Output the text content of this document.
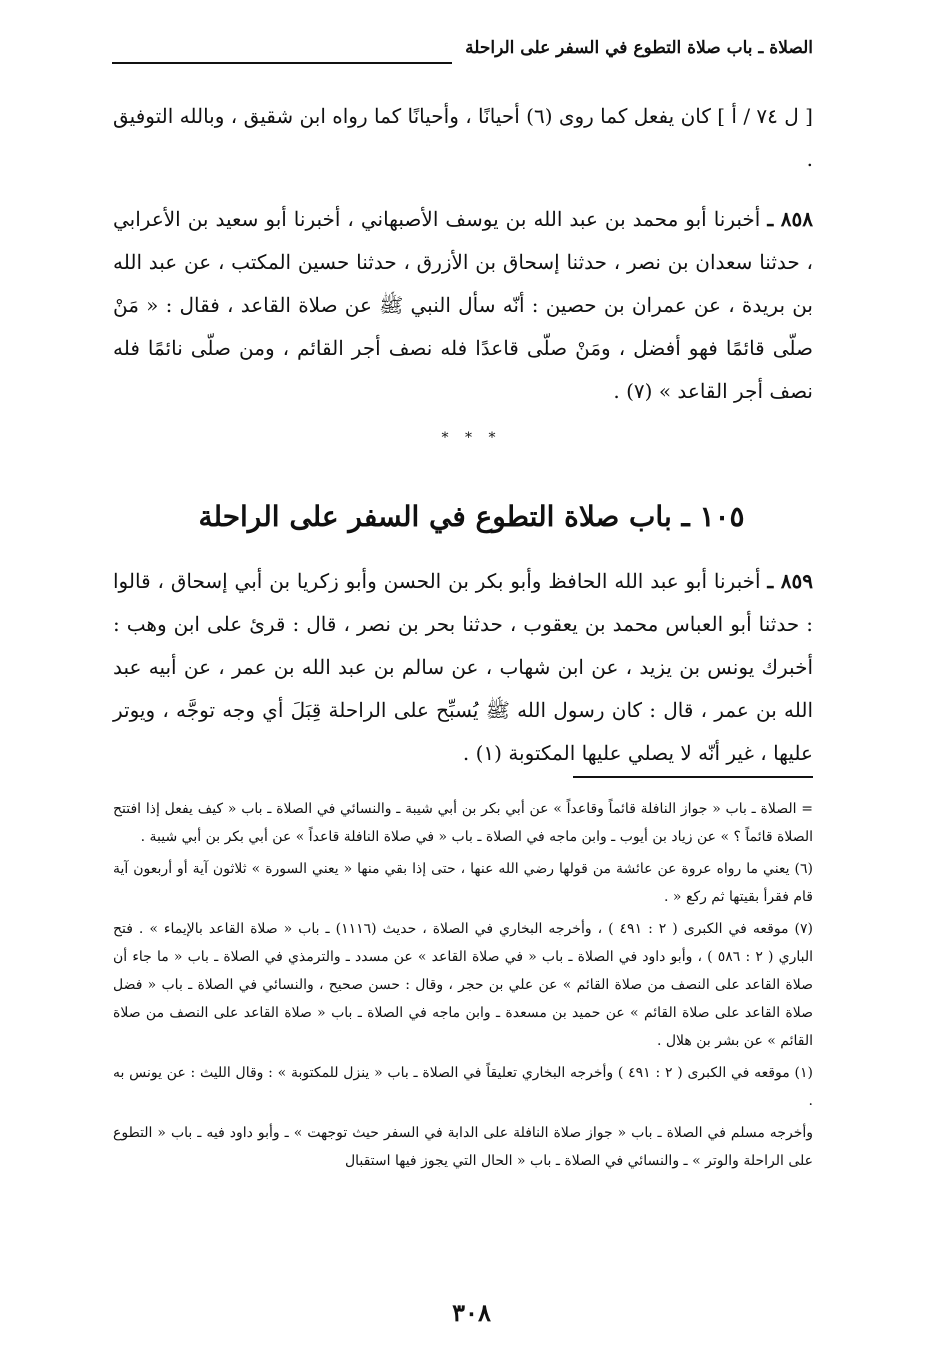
الصلاة ـ باب صلاة التطوع في السفر على الراحلة
[ ل ٧٤ / أ ] كان يفعل كما روى (٦) أحيانًا ، وأحيانًا كما رواه ابن شقيق ، وبالله التوفيق .
٨٥٨ ـ أخبرنا أبو محمد بن عبد الله بن يوسف الأصبهاني ، أخبرنا أبو سعيد بن الأعرابي ، حدثنا سعدان بن نصر ، حدثنا إسحاق بن الأزرق ، حدثنا حسين المكتب ، عن عبد الله بن بريدة ، عن عمران بن حصين : أنّه سأل النبي ﷺ عن صلاة القاعد ، فقال : « مَنْ صلّى قائمًا فهو أفضل ، ومَنْ صلّى قاعدًا فله نصف أجر القائم ، ومن صلّى نائمًا فله نصف أجر القاعد » (٧) .
* * *
١٠٥ ـ باب صلاة التطوع في السفر على الراحلة
٨٥٩ ـ أخبرنا أبو عبد الله الحافظ وأبو بكر بن الحسن وأبو زكريا بن أبي إسحاق ، قالوا : حدثنا أبو العباس محمد بن يعقوب ، حدثنا بحر بن نصر ، قال : قرئ على ابن وهب : أخبرك يونس بن يزيد ، عن ابن شهاب ، عن سالم بن عبد الله بن عمر ، عن أبيه عبد الله بن عمر ، قال : كان رسول الله ﷺ يُسبِّح على الراحلة قِبَلَ أي وجه توجَّه ، ويوتر عليها ، غير أنّه لا يصلي عليها المكتوبة (١) .

= الصلاة ـ باب « جواز النافلة قائماً وقاعداً » عن أبي بكر بن أبي شيبة ـ والنسائي في الصلاة ـ باب « كيف يفعل إذا افتتح الصلاة قائماً ؟ » عن زياد بن أيوب ـ وابن ماجه في الصلاة ـ باب « في صلاة النافلة قاعداً » عن أبي بكر بن أبي شيبة .

(٦) يعني ما رواه عروة عن عائشة من قولها رضي الله عنها ، حتى إذا بقي منها « يعني السورة » ثلاثون آية أو أربعون آية قام فقرأ بقيتها ثم ركع « .

(٧) موقعه في الكبرى ( ٢ : ٤٩١ ) ، وأخرجه البخاري في الصلاة ، حديث (١١١٦) ـ باب « صلاة القاعد بالإيماء » . فتح الباري ( ٢ : ٥٨٦ ) ، وأبو داود في الصلاة ـ باب « في صلاة القاعد » عن مسدد ـ والترمذي في الصلاة ـ باب « ما جاء أن صلاة القاعد على النصف من صلاة القائم » عن علي بن حجر ، وقال : حسن صحيح ، والنسائي في الصلاة ـ باب « فضل صلاة القاعد على صلاة القائم » عن حميد بن مسعدة ـ وابن ماجه في الصلاة ـ باب « صلاة القاعد على النصف من صلاة القائم » عن بشر بن هلال .

(١) موقعه في الكبرى ( ٢ : ٤٩١ ) وأخرجه البخاري تعليقاً في الصلاة ـ باب « ينزل للمكتوبة » : وقال الليث : عن يونس به .

وأخرجه مسلم في الصلاة ـ باب « جواز صلاة النافلة على الدابة في السفر حيث توجهت » ـ وأبو داود فيه ـ باب « التطوع على الراحلة والوتر » ـ والنسائي في الصلاة ـ باب « الحال التي يجوز فيها استقبال

٣٠٨
